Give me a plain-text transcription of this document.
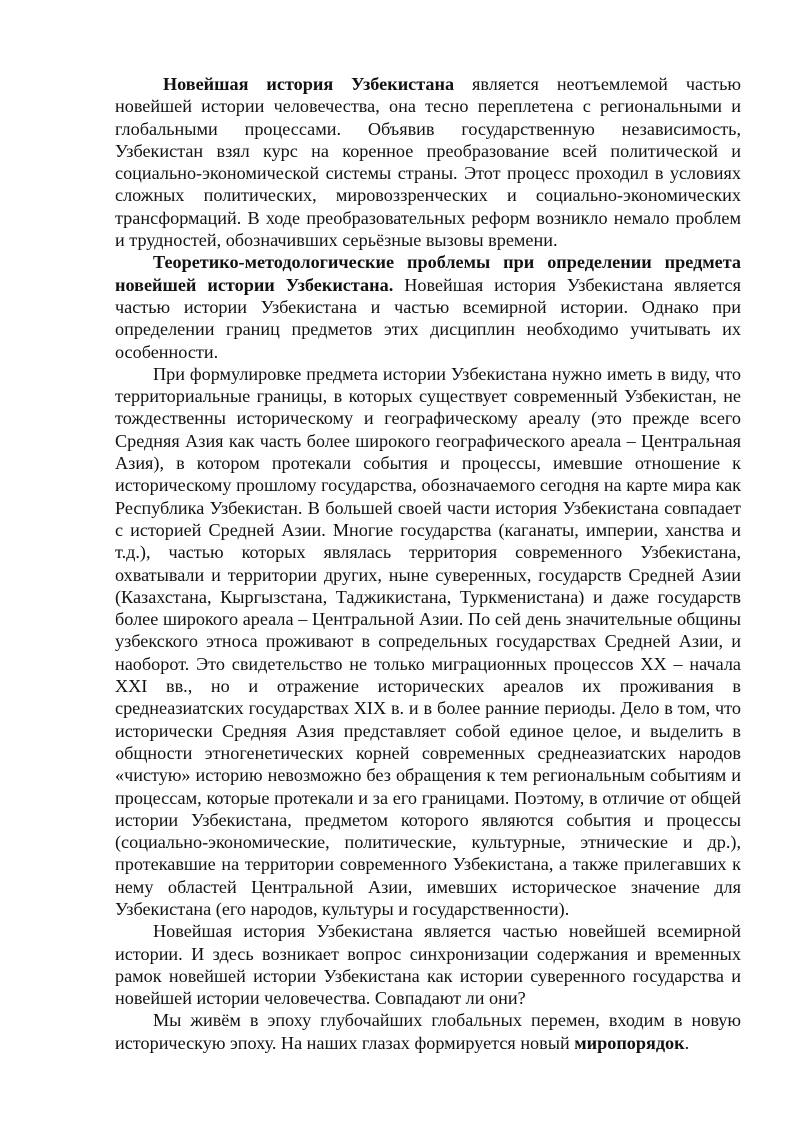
Новейшая история Узбекистана является неотъемлемой частью новейшей истории человечества, она тесно переплетена с региональными и глобальными процессами. Объявив государственную независимость, Узбекистан взял курс на коренное преобразование всей политической и социально-экономической системы страны. Этот процесс проходил в условиях сложных политических, мировоззренческих и социально-экономических трансформаций. В ходе преобразовательных реформ возникло немало проблем и трудностей, обозначивших серьёзные вызовы времени.

Теоретико-методологические проблемы при определении предмета новейшей истории Узбекистана. Новейшая история Узбекистана является частью истории Узбекистана и частью всемирной истории. Однако при определении границ предметов этих дисциплин необходимо учитывать их особенности.

При формулировке предмета истории Узбекистана нужно иметь в виду, что территориальные границы, в которых существует современный Узбекистан, не тождественны историческому и географическому ареалу (это прежде всего Средняя Азия как часть более широкого географического ареала – Центральная Азия), в котором протекали события и процессы, имевшие отношение к историческому прошлому государства, обозначаемого сегодня на карте мира как Республика Узбекистан. В большей своей части история Узбекистана совпадает с историей Средней Азии. Многие государства (каганаты, империи, ханства и т.д.), частью которых являлась территория современного Узбекистана, охватывали и территории других, ныне суверенных, государств Средней Азии (Казахстана, Кыргызстана, Таджикистана, Туркменистана) и даже государств более широкого ареала – Центральной Азии. По сей день значительные общины узбекского этноса проживают в сопредельных государствах Средней Азии, и наоборот. Это свидетельство не только миграционных процессов XX – начала XXI вв., но и отражение исторических ареалов их проживания в среднеазиатских государствах XIX в. и в более ранние периоды. Дело в том, что исторически Средняя Азия представляет собой единое целое, и выделить в общности этногенетических корней современных среднеазиатских народов «чистую» историю невозможно без обращения к тем региональным событиям и процессам, которые протекали и за его границами. Поэтому, в отличие от общей истории Узбекистана, предметом которого являются события и процессы (социально-экономические, политические, культурные, этнические и др.), протекавшие на территории современного Узбекистана, а также прилегавших к нему областей Центральной Азии, имевших историческое значение для Узбекистана (его народов, культуры и государственности).

Новейшая история Узбекистана является частью новейшей всемирной истории. И здесь возникает вопрос синхронизации содержания и временных рамок новейшей истории Узбекистана как истории суверенного государства и новейшей истории человечества. Совпадают ли они?

Мы живём в эпоху глубочайших глобальных перемен, входим в новую историческую эпоху. На наших глазах формируется новый миропорядок.
